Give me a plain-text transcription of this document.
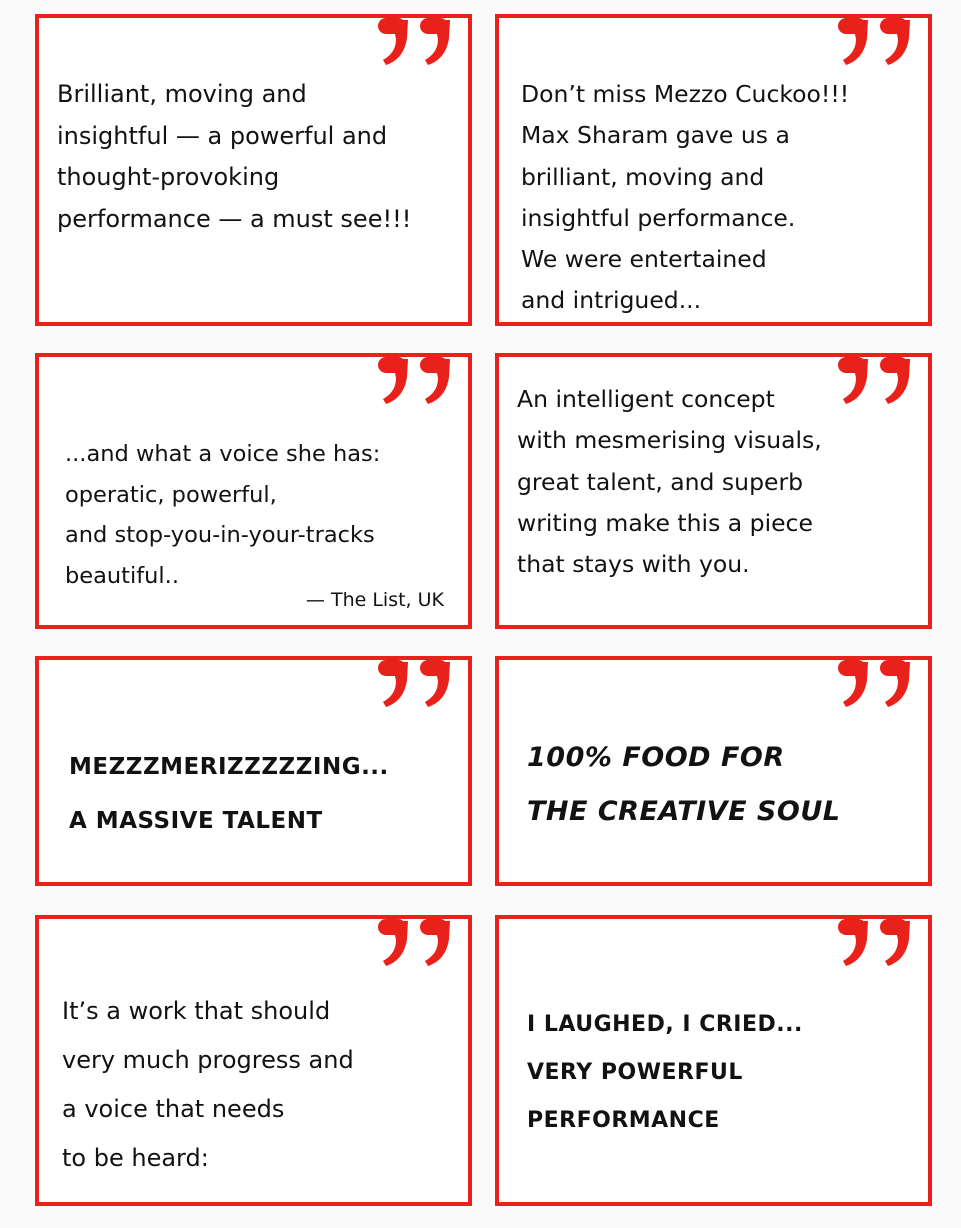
Brilliant, moving and
insightful — a powerful and
thought-provoking
performance — a must see!!!
Don’t miss Mezzo Cuckoo!!!
Max Sharam gave us a
brilliant, moving and
insightful performance.
We were entertained
and intrigued...
...and what a voice she has:
operatic, powerful,
and stop-you-in-your-tracks
beautiful..
— The List, UK
An intelligent concept
with mesmerising visuals,
great talent, and superb
writing make this a piece
that stays with you.
MEZZZMERIZZZZZING...
A MASSIVE TALENT
100% FOOD FOR
THE CREATIVE SOUL
It’s a work that should
very much progress and
a voice that needs
to be heard:
I LAUGHED, I CRIED...
VERY POWERFUL
PERFORMANCE
